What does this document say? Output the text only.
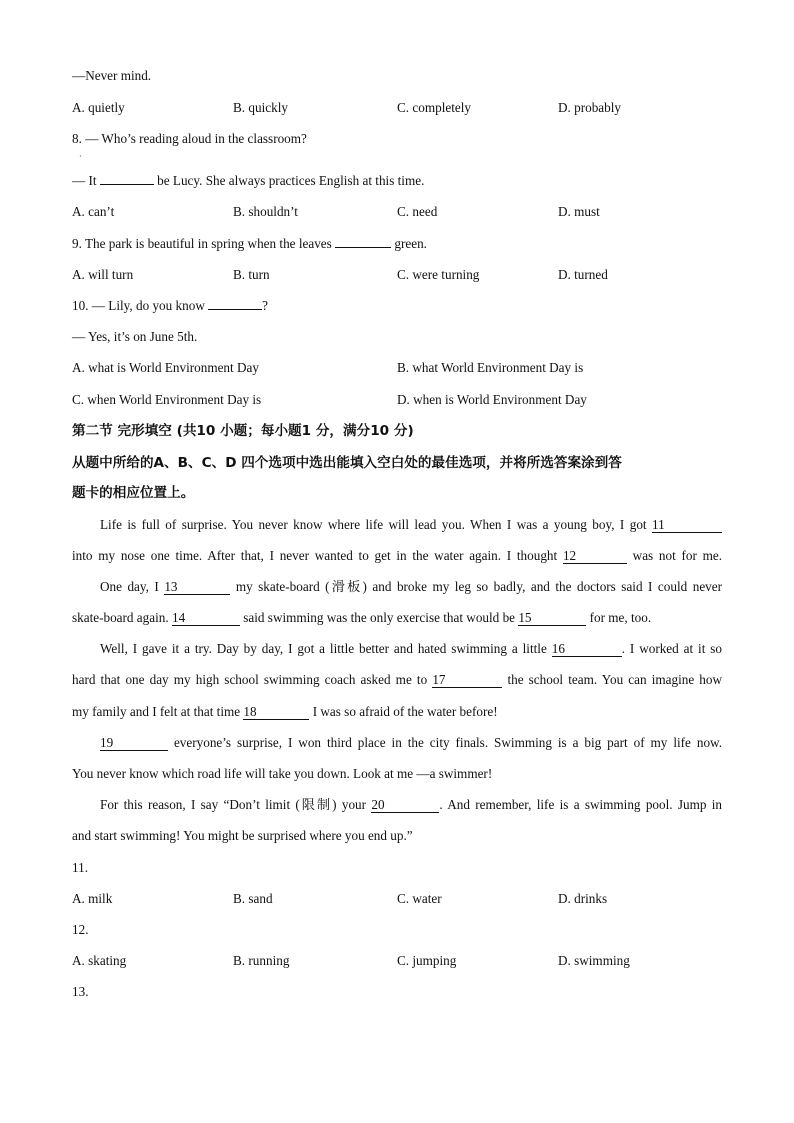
—Never mind.
A. quietly	B. quickly	C. completely	D. probably
8. — Who’s reading aloud in the classroom?
·
— It	be Lucy. She always practices English at this time.
A. can’t	B. shouldn’t	C. need	D. must
9. The park is beautiful in spring when the leaves	green.
A. will turn	B. turn	C. were turning	D. turned
10. — Lily, do you know	?
— Yes, it’s on June 5th.
A. what is World Environment Day	B. what World Environment Day is
C. when World Environment Day is	D. when is World Environment Day
第二节 完形填空 (共10 小题；每小题1 分，满分10 分)
从题中所给的A、B、C、D 四个选项中选出能填入空白处的最佳选项，并将所选答案涂到答
题卡的相应位置上。
Life is full of surprise. You never know where life will lead you. When I was a young boy, I got 11
into my nose one time. After that, I never wanted to get in the water again. I thought 12	was not for me.
One day, I 13	my skate-board (滑板) and broke my leg so badly, and the doctors said I could never
skate-board again. 14	said swimming was the only exercise that would be 15	for me, too.
Well, I gave it a try. Day by day, I got a little better and hated swimming a little 16	. I worked at it so
hard that one day my high school swimming coach asked me to 17	the school team. You can imagine how
my family and I felt at that time 18	I was so afraid of the water before!
19	everyone’s surprise, I won third place in the city finals. Swimming is a big part of my life now.
You never know which road life will take you down. Look at me —a swimmer!
For this reason, I say “Don’t limit (限制) your 20	. And remember, life is a swimming pool. Jump in
and start swimming! You might be surprised where you end up.”
11.
A. milk	B. sand	C. water	D. drinks
12.
A. skating	B. running	C. jumping	D. swimming
13.
